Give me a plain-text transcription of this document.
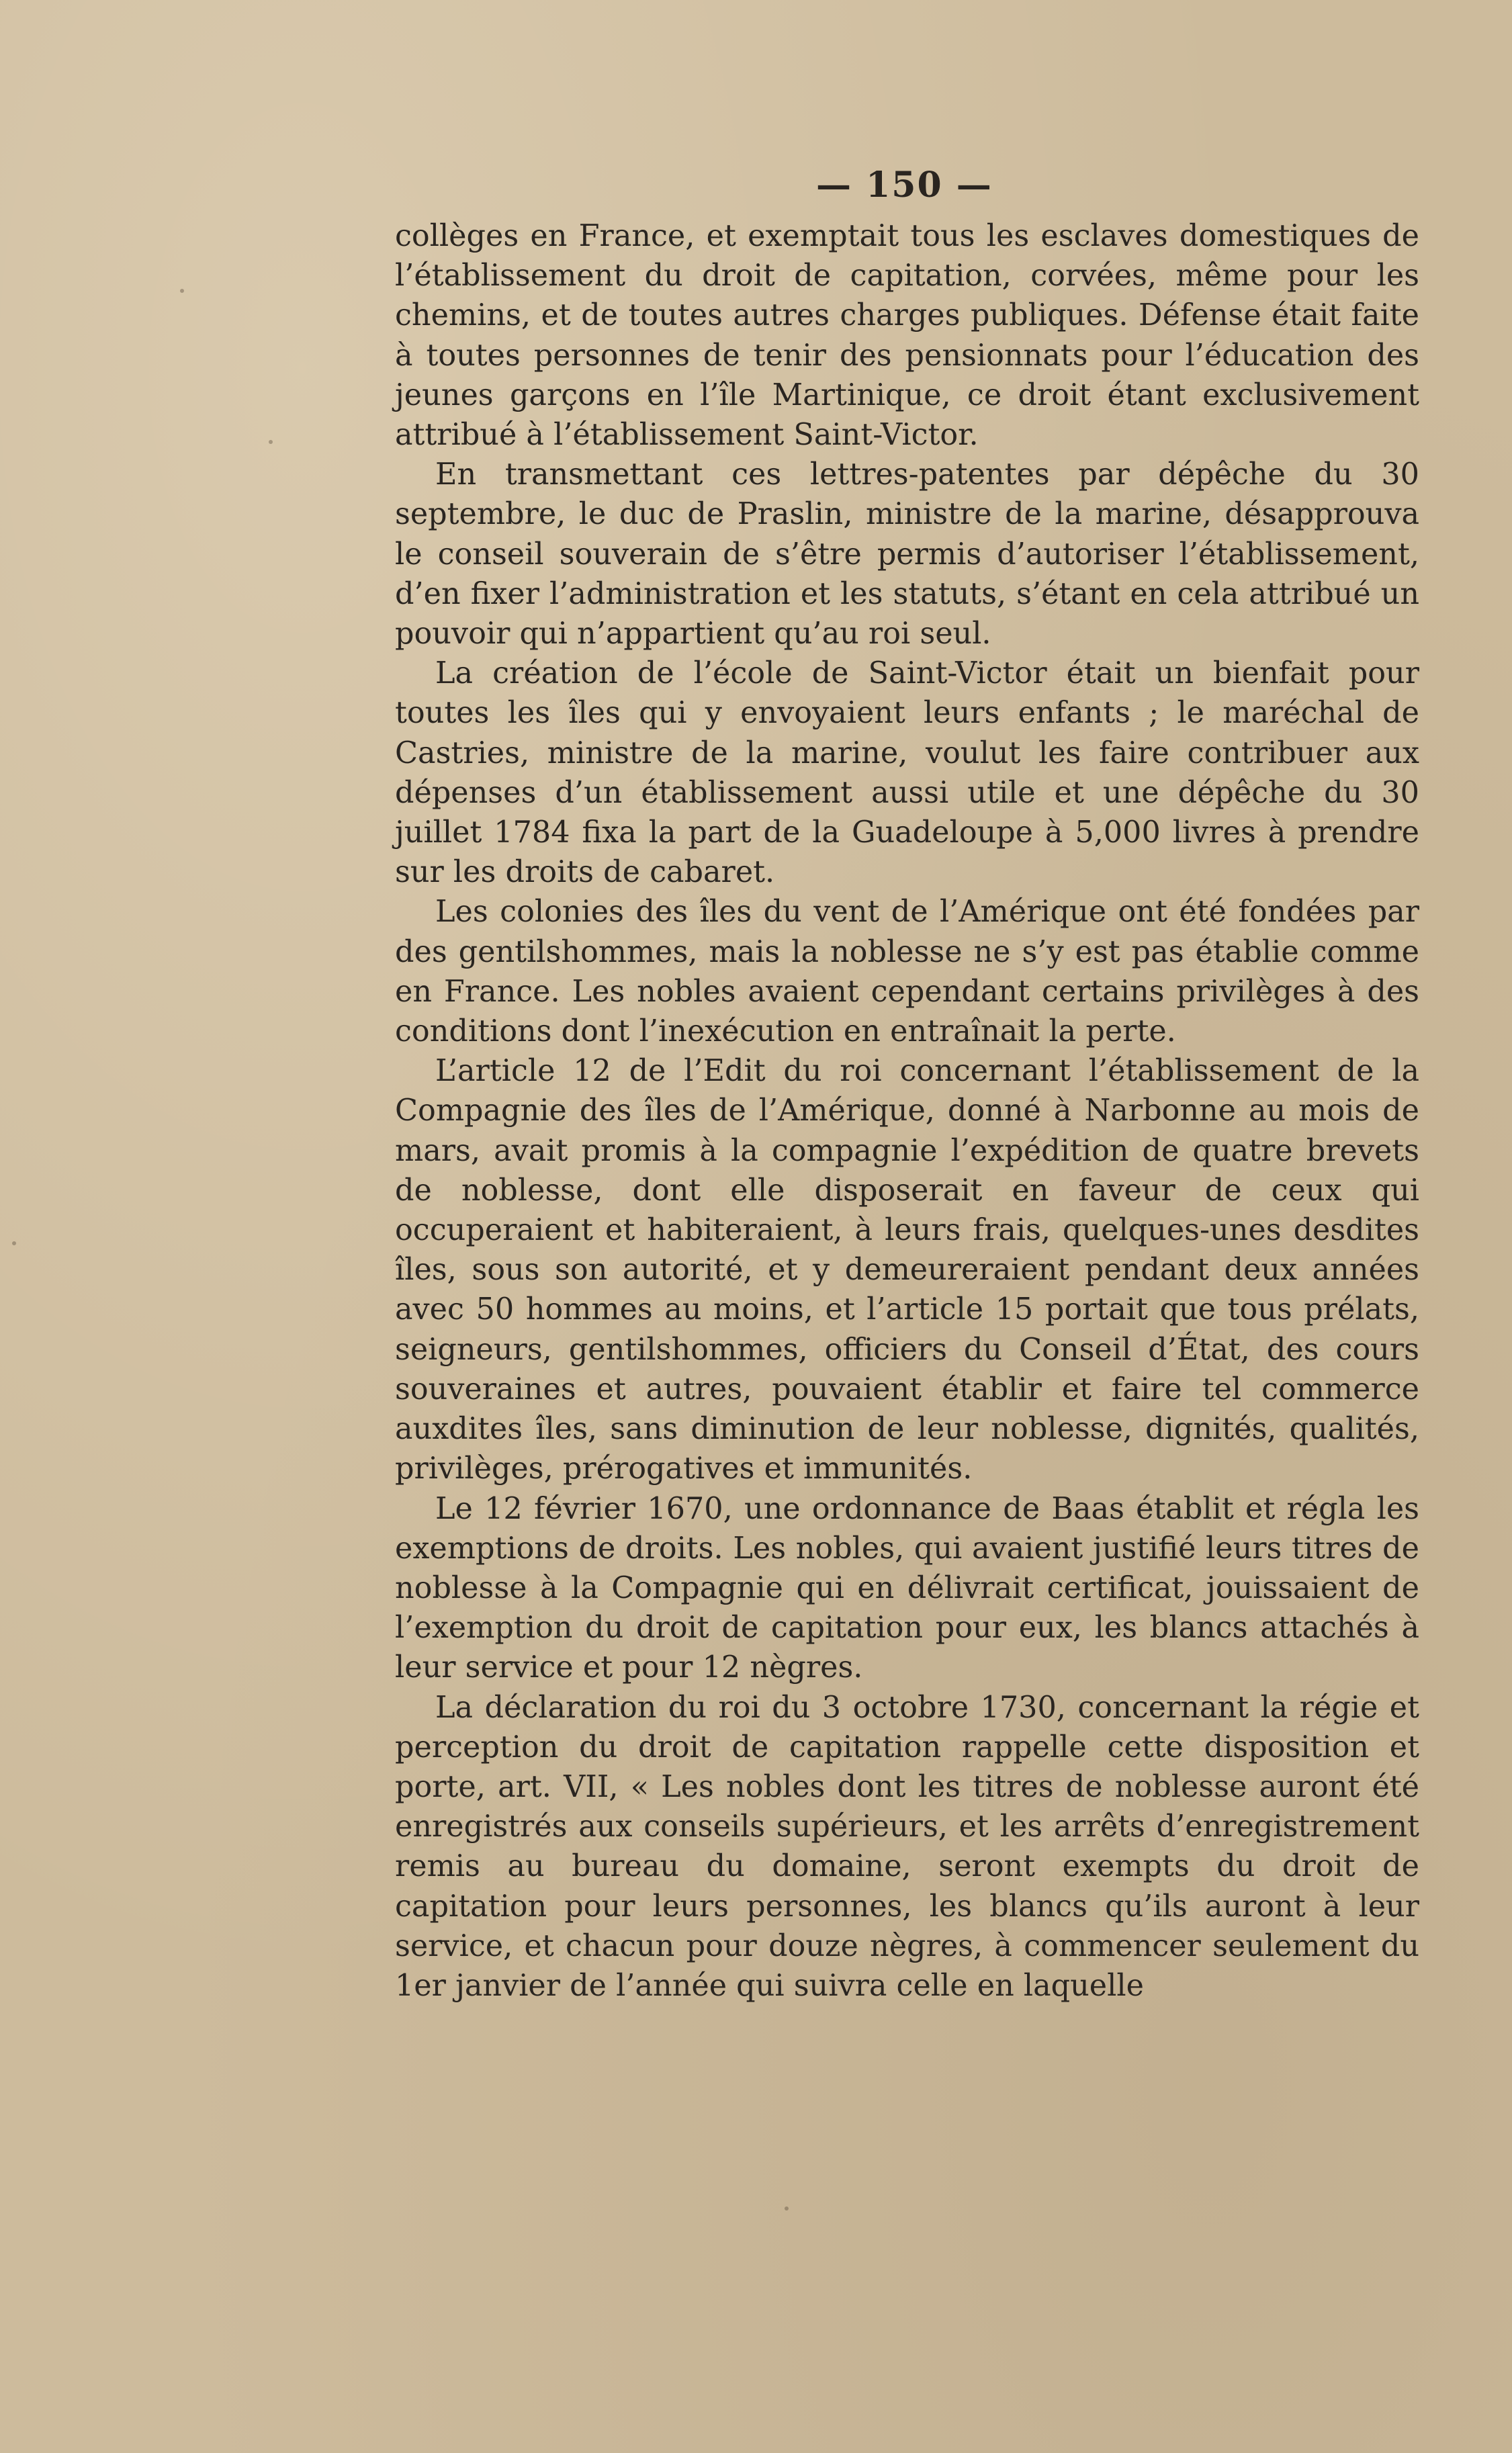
— 150 —

collèges en France, et exemptait tous les esclaves domestiques de l’établissement du droit de capitation, corvées, même pour les chemins, et de toutes autres charges publiques. Défense était faite à toutes personnes de tenir des pensionnats pour l’éducation des jeunes garçons en l’île Martinique, ce droit étant exclusivement attribué à l’établissement Saint-Victor.

En transmettant ces lettres-patentes par dépêche du 30 septembre, le duc de Praslin, ministre de la marine, désapprouva le conseil souverain de s’être permis d’autoriser l’établissement, d’en fixer l’administration et les statuts, s’étant en cela attribué un pouvoir qui n’appartient qu’au roi seul.

La création de l’école de Saint-Victor était un bienfait pour toutes les îles qui y envoyaient leurs enfants ; le maréchal de Castries, ministre de la marine, voulut les faire contribuer aux dépenses d’un établissement aussi utile et une dépêche du 30 juillet 1784 fixa la part de la Guadeloupe à 5,000 livres à prendre sur les droits de cabaret.

Les colonies des îles du vent de l’Amérique ont été fondées par des gentilshommes, mais la noblesse ne s’y est pas établie comme en France. Les nobles avaient cependant certains privilèges à des conditions dont l’inexécution en entraînait la perte.

L’article 12 de l’Edit du roi concernant l’établissement de la Compagnie des îles de l’Amérique, donné à Narbonne au mois de mars, avait promis à la compagnie l’expédition de quatre brevets de noblesse, dont elle disposerait en faveur de ceux qui occuperaient et habiteraient, à leurs frais, quelques-unes desdites îles, sous son autorité, et y demeureraient pendant deux années avec 50 hommes au moins, et l’article 15 portait que tous prélats, seigneurs, gentilshommes, officiers du Conseil d’État, des cours souveraines et autres, pouvaient établir et faire tel commerce auxdites îles, sans diminution de leur noblesse, dignités, qualités, privilèges, prérogatives et immunités.

Le 12 février 1670, une ordonnance de Baas établit et régla les exemptions de droits. Les nobles, qui avaient justifié leurs titres de noblesse à la Compagnie qui en délivrait certificat, jouissaient de l’exemption du droit de capitation pour eux, les blancs attachés à leur service et pour 12 nègres.

La déclaration du roi du 3 octobre 1730, concernant la régie et perception du droit de capitation rappelle cette disposition et porte, art. VII, « Les nobles dont les titres de noblesse auront été enregistrés aux conseils supérieurs, et les arrêts d’enregistrement remis au bureau du domaine, seront exempts du droit de capitation pour leurs personnes, les blancs qu’ils auront à leur service, et chacun pour douze nègres, à commencer seulement du 1er janvier de l’année qui suivra celle en laquelle
